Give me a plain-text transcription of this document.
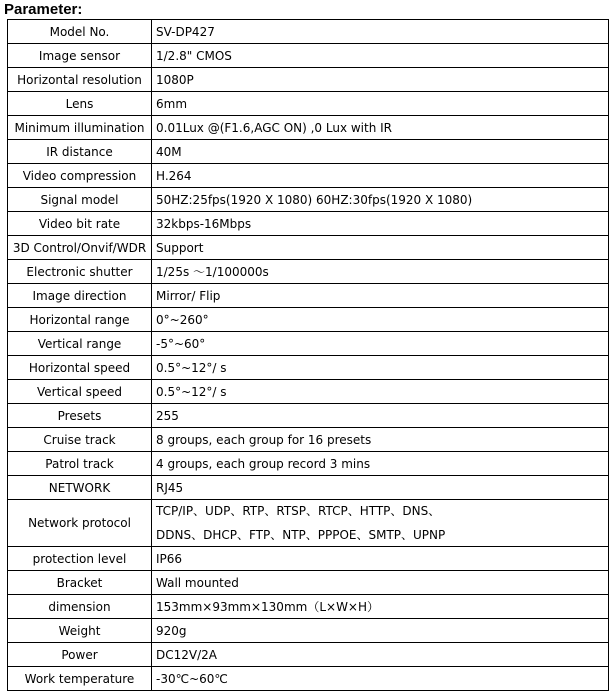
Parameter:
Model No.	SV-DP427
Image sensor	1/2.8" CMOS
Horizontal resolution	1080P
Lens	6mm
Minimum illumination	0.01Lux @(F1.6,AGC ON) ,0 Lux with IR
IR distance	40M
Video compression	H.264
Signal model	50HZ:25fps(1920 X 1080) 60HZ:30fps(1920 X 1080)
Video bit rate	32kbps-16Mbps
3D Control/Onvif/WDR	Support
Electronic shutter	1/25s ～1/100000s
Image direction	Mirror/ Flip
Horizontal range	0°~260°
Vertical range	-5°~60°
Horizontal speed	0.5°~12°/ s
Vertical speed	0.5°~12°/ s
Presets	255
Cruise track	8 groups, each group for 16 presets
Patrol track	4 groups, each group record 3 mins
NETWORK	RJ45
Network protocol	TCP/IP、UDP、RTP、RTSP、RTCP、HTTP、DNS、
DDNS、DHCP、FTP、NTP、PPPOE、SMTP、UPNP

protection level	IP66
Bracket	Wall mounted
dimension	153mm×93mm×130mm（L×W×H）
Weight	920g
Power	DC12V/2A
Work temperature	-30℃~60℃
